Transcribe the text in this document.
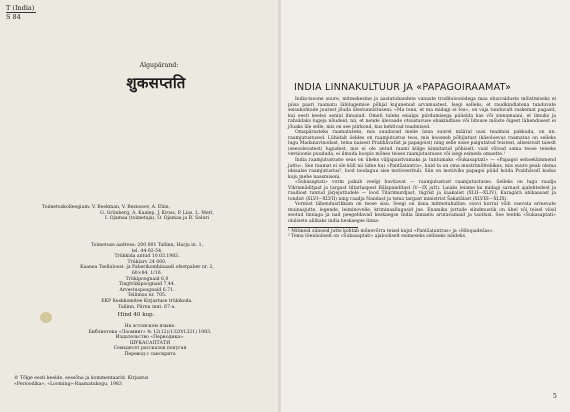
T (India)
S 84
Algupärand:
शुकसप्तति
Toimetuskolleegium: V. Beekman, V. Beznosov, A. Ehin,
G. Grünberg, A. Kaalep, J. Kross, P. Lias, L. Meri,
I. Ojamaa (toimetaja), O. Ojamaa ja R. Saluri
Toimetuse aadress: 200 001 Tallinn, Harju in. 1,
tel. 44-92-54.
Trükkida antud 10.03.1983.
Trükiarv 24 000.
Kaanea Tselluloosi- ja Paberikombinaadi ofsetpaber nr. 2,
60×84, 1/16.
Trükipoognaid 6,0
Tingtrükipoognaid 7,44.
Arvestuspoognaid 6,71.
Tellimus nr. 705.
EKP Keskkomitee Kirjastuse trükikoda.
Tallinn, Pärnu mnt. 67-a.
Hind 40 kop.
На эстонском языке.
Библиотека «Лооминг» № 12(12)(1320/1321) 1983.
Издательство «Периодика».
ШУКАСАПТАТИ
Семьдесят рассказов попугая
Перевод с санскрита
© Tõlge eesti keelde, eessõna ja kommentaarid. Kirjastus
«Perioodika», «Looming»-Raamatukogu, 1983
INDIA LINNAKULTUUR JA «PAPAGOIRAAMAT»

India-tsoone suure, mitmekesine ja aastatuhandete vanuste traditsioonidega maa eluavalduste mõistmiseks ei piisa paari raamatu läbilugemise põhjal kujunenud arvamustest. Isegi selleks, et raudkindlatena tunduvate seisukohtade juurest jõuda ülestunnistuseni: «Ma tean, et ma midagi ei tea», on vaja tunduvalt raskemat pagasit, kui eesti keeles senini ilmunud. Ometi tuleks esialgu piirdumisega püüelda kas või sinnamaani, et ilmuks ja rahuldaks lugeja nõudeid, nii, et nende ülevaade otsustavuse ebakindluse või liitsuse mõiste õigest tähendusest ei jõuaks üle selle, mis on see piirkond, kus kehtivad teadmised.

Omapärasteks raamatuteks, mis suudavad meile üsna suurel määral uusi teadmisi pakkuda, on nn. raamjutustused. Lühidalt öeldes on raamjutustus teos, mis koosneb põhijutust (käsoloevas raamatus on selleks lugu Madanavinodast, tema naisest Prabhāvatīst ja papagoist) ning selle sisse paigutatud teistest, allseisvalt taieslt (seesolevatest) lugudest, mis ei ole antud raami külge kinnitatud põhiselt, vaid võivad sama teose teiseks versioonis puududa, ei ilmuda hoopis mõnes teises raamjutustuses või isegi esineda omaette.¹

India raamjutustuste seas on üheks väljapaistvamaks ja tuntumaks «Šukasaptati» — «Papagoi seitsekümmend juttu». See raamat ei ole küll nii üdne kui «Pantšatantra», kuid ta on oma mustrimõtteliikes, mis suure peab olema ideaalse raamjutustus², lood toodaguu sise motiveerituli. Siin on motiiviks papagoi püüd hoida Prabhāvatī kodus koju mehe naasmiseni.

«Šukasaptati» vorm pakub veelgi huvitavat — raamjutustust raamjutustuses. Selleks on lugu raadja Vikramāditjast ja targast tiltarlaspest Bālapanditast (V—IX jutt). Laiaks leiame ka midagi sarnast ajalehtedest ja raadiost tuntud järjejuttudele — lood Tilarimurdjast, tiigrist ja šaakalist (XLII—XLIV), Karagärä abikaasast ja tondist (XLVI—XLVII) ning raadja Nandast ja tema targast ministrist Šakatālast (XLVIII—XLIX).

Vormist tähendusrikkam on teose sisu. Seegi on üsna mitmetahuline: soovi korral võib vaevata erinevate muinasjutte, legende, leiminovelle, kriminaallugusid jne. Enamiku juttude siindmustik on ühel või teisel viisil seotud linnaga ja nad peegeldavad keskaegse India linnaelu arutavamaid ja taotlusi. See teebki «Šukasaptati» olulisete allikaks india keskaegse linna-

¹ Mitmeid siinseid jutte kohtab mõnevõrra teisel kujul «Pantšatantras» ja «Hitopadešas».

² Tema töenäoliselt on «Šukasaptati» ajalooliselt esimeseks selliseks näideks.

5
